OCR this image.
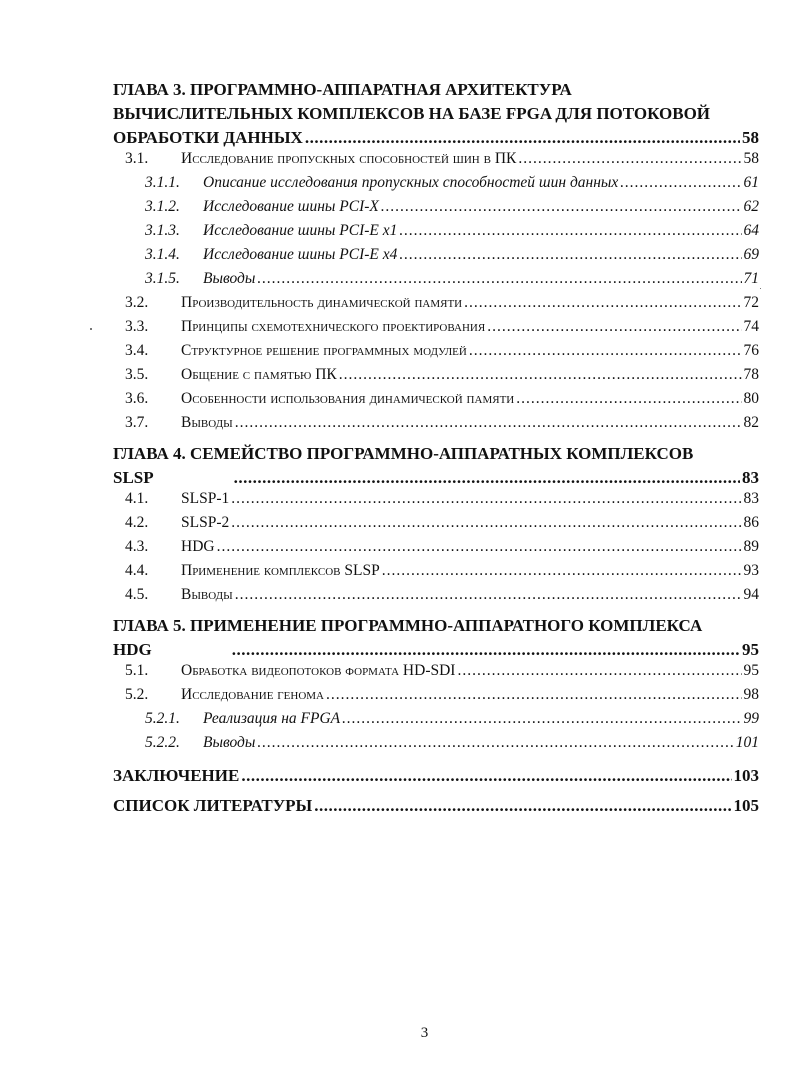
ГЛАВА 3. ПРОГРАММНО-АППАРАТНАЯ АРХИТЕКТУРА
ВЫЧИСЛИТЕЛЬНЫХ КОМПЛЕКСОВ НА БАЗЕ FPGA ДЛЯ ПОТОКОВОЙ
ОБРАБОТКИ ДАННЫХ .....	58
3.1.	Исследование пропускных способностей шин в ПК .....	58
3.1.1.	Описание исследования пропускных способностей шин данных .....	61
3.1.2.	Исследование шины PCI-X .....	62
3.1.3.	Исследование шины PCI-E x1 .....	64
3.1.4.	Исследование шины PCI-E x4 .....	69
3.1.5.	Выводы .....	71
3.2.	Производительность динамической памяти .....	72
3.3.	Принципы схемотехнического проектирования .....	74
3.4.	Структурное решение программных модулей .....	76
3.5.	Общение с памятью ПК .....	78
3.6.	Особенности использования динамической памяти .....	80
3.7.	Выводы .....	82
ГЛАВА 4. СЕМЕЙСТВО ПРОГРАММНО-АППАРАТНЫХ КОМПЛЕКСОВ
SLSP .....	83
4.1.	SLSP-1 .....	83
4.2.	SLSP-2 .....	86
4.3.	HDG .....	89
4.4.	Применение комплексов SLSP .....	93
4.5.	Выводы .....	94
ГЛАВА 5. ПРИМЕНЕНИЕ ПРОГРАММНО-АППАРАТНОГО КОМПЛЕКСА
HDG .....	95
5.1.	Обработка видеопотоков формата HD-SDI .....	95
5.2.	Исследование генома .....	98
5.2.1.	Реализация на FPGA .....	99
5.2.2.	Выводы .....	101
ЗАКЛЮЧЕНИЕ .....	103
СПИСОК ЛИТЕРАТУРЫ .....	105
3
